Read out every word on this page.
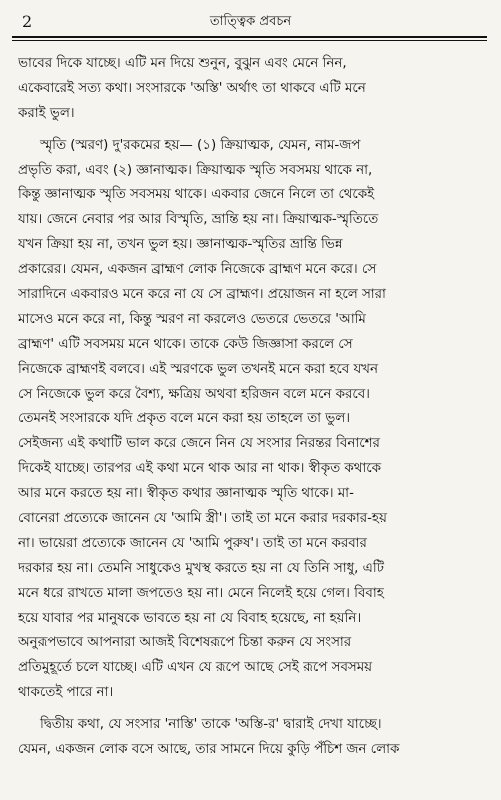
2	তাত্ত্বিক প্রবচন
ভাবের দিকে যাচ্ছে। এটি মন দিয়ে শুনুন, বুঝুন এবং মেনে নিন,
একেবারেই সত্য কথা। সংসারকে 'অস্তি' অর্থাৎ তা থাকবে এটি মনে
করাই ভুল।
স্মৃতি (স্মরণ) দু'রকমের হয়— (১) ক্রিয়াত্মক, যেমন, নাম-জপ
প্রভৃতি করা, এবং (২) জ্ঞানাত্মক। ক্রিয়াত্মক স্মৃতি সবসময় থাকে না,
কিন্তু জ্ঞানাত্মক স্মৃতি সবসময় থাকে। একবার জেনে নিলে তা থেকেই
যায়। জেনে নেবার পর আর বিস্মৃতি, ভ্রান্তি হয় না। ক্রিয়াত্মক-স্মৃতিতে
যখন ক্রিয়া হয় না, তখন ভুল হয়। জ্ঞানাত্মক-স্মৃতির ভ্রান্তি ভিন্ন
প্রকারের। যেমন, একজন ব্রাহ্মণ লোক নিজেকে ব্রাহ্মণ মনে করে। সে
সারাদিনে একবারও মনে করে না যে সে ব্রাহ্মণ। প্রয়োজন না হলে সারা
মাসেও মনে করে না, কিন্তু স্মরণ না করলেও ভেতরে ভেতরে 'আমি
ব্রাহ্মণ' এটি সবসময় মনে থাকে। তাকে কেউ জিজ্ঞাসা করলে সে
নিজেকে ব্রাহ্মণই বলবে। এই স্মরণকে ভুল তখনই মনে করা হবে যখন
সে নিজেকে ভুল করে বৈশ্য, ক্ষত্রিয় অথবা হরিজন বলে মনে করবে।
তেমনই সংসারকে যদি প্রকৃত বলে মনে করা হয় তাহলে তা ভুল।
সেইজন্য এই কথাটি ভাল করে জেনে নিন যে সংসার নিরন্তর বিনাশের
দিকেই যাচ্ছে। তারপর এই কথা মনে থাক আর না থাক। স্বীকৃত কথাকে
আর মনে করতে হয় না। স্বীকৃত কথার জ্ঞানাত্মক স্মৃতি থাকে। মা-
বোনেরা প্রত্যেকে জানেন যে 'আমি স্ত্রী'। তাই তা মনে করার দরকার-হয়
না। ভায়েরা প্রত্যেকে জানেন যে 'আমি পুরুষ'। তাই তা মনে করবার
দরকার হয় না। তেমনি সাধুকেও মুখস্থ করতে হয় না যে তিনি সাধু, এটি
মনে ধরে রাখতে মালা জপতেও হয় না। মেনে নিলেই হয়ে গেল। বিবাহ
হয়ে যাবার পর মানুষকে ভাবতে হয় না যে বিবাহ হয়েছে, না হয়নি।
অনুরূপভাবে আপনারা আজই বিশেষরূপে চিন্তা করুন যে সংসার
প্রতিমুহূর্তে চলে যাচ্ছে। এটি এখন যে রূপে আছে সেই রূপে সবসময়
থাকতেই পারে না।
দ্বিতীয় কথা, যে সংসার 'নাস্তি' তাকে 'অস্তি-র' দ্বারাই দেখা যাচ্ছে।
যেমন, একজন লোক বসে আছে, তার সামনে দিয়ে কুড়ি পঁচিশ জন লোক
